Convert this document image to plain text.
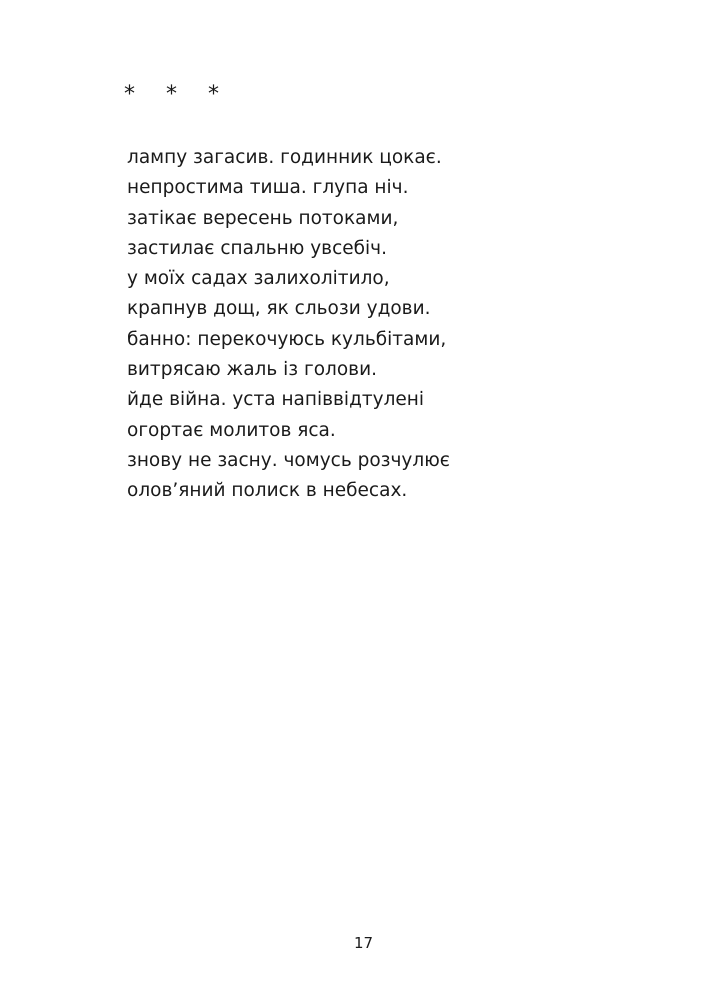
* * *
лампу загасив. годинник цокає.
непростима тиша. глупа ніч.
затікає вересень потоками,
застилає спальню увсебіч.
у моїх садах залихолітило,
крапнув дощ, як сльози удови.
банно: перекочуюсь кульбітами,
витрясаю жаль із голови.
йде війна. уста напіввідтулені
огортає молитов яса.
знову не засну. чомусь розчулює
олов’яний полиск в небесах.
17
